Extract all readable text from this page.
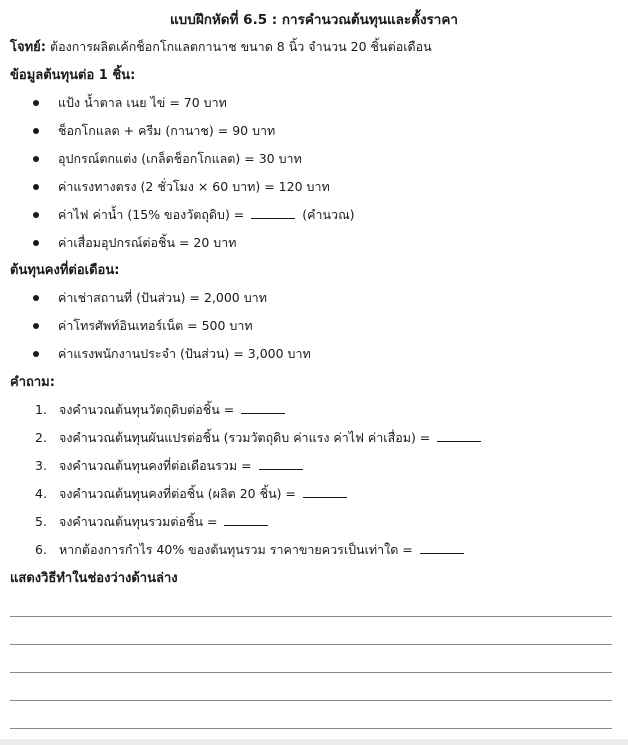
แบบฝึกหัดที่ 6.5 : การคำนวณต้นทุนและตั้งราคา
โจทย์: ต้องการผลิตเค้กช็อกโกแลตกานาช ขนาด 8 นิ้ว จำนวน 20 ชิ้นต่อเดือน
ข้อมูลต้นทุนต่อ 1 ชิ้น:
แป้ง น้ำตาล เนย ไข่ = 70 บาท
ช็อกโกแลต + ครีม (กานาช) = 90 บาท
อุปกรณ์ตกแต่ง (เกล็ดช็อกโกแลต) = 30 บาท
ค่าแรงทางตรง (2 ชั่วโมง × 60 บาท) = 120 บาท
ค่าไฟ ค่าน้ำ (15% ของวัตถุดิบ) =	(คำนวณ)
ค่าเสื่อมอุปกรณ์ต่อชิ้น = 20 บาท
ต้นทุนคงที่ต่อเดือน:
ค่าเช่าสถานที่ (ปันส่วน) = 2,000 บาท
ค่าโทรศัพท์อินเทอร์เน็ต = 500 บาท
ค่าแรงพนักงานประจำ (ปันส่วน) = 3,000 บาท
คำถาม:
1. จงคำนวณต้นทุนวัตถุดิบต่อชิ้น =
2. จงคำนวณต้นทุนผันแปรต่อชิ้น (รวมวัตถุดิบ ค่าแรง ค่าไฟ ค่าเสื่อม) =
3. จงคำนวณต้นทุนคงที่ต่อเดือนรวม =
4. จงคำนวณต้นทุนคงที่ต่อชิ้น (ผลิต 20 ชิ้น) =
5. จงคำนวณต้นทุนรวมต่อชิ้น =
6. หากต้องการกำไร 40% ของต้นทุนรวม ราคาขายควรเป็นเท่าใด =
แสดงวิธีทำในช่องว่างด้านล่าง
